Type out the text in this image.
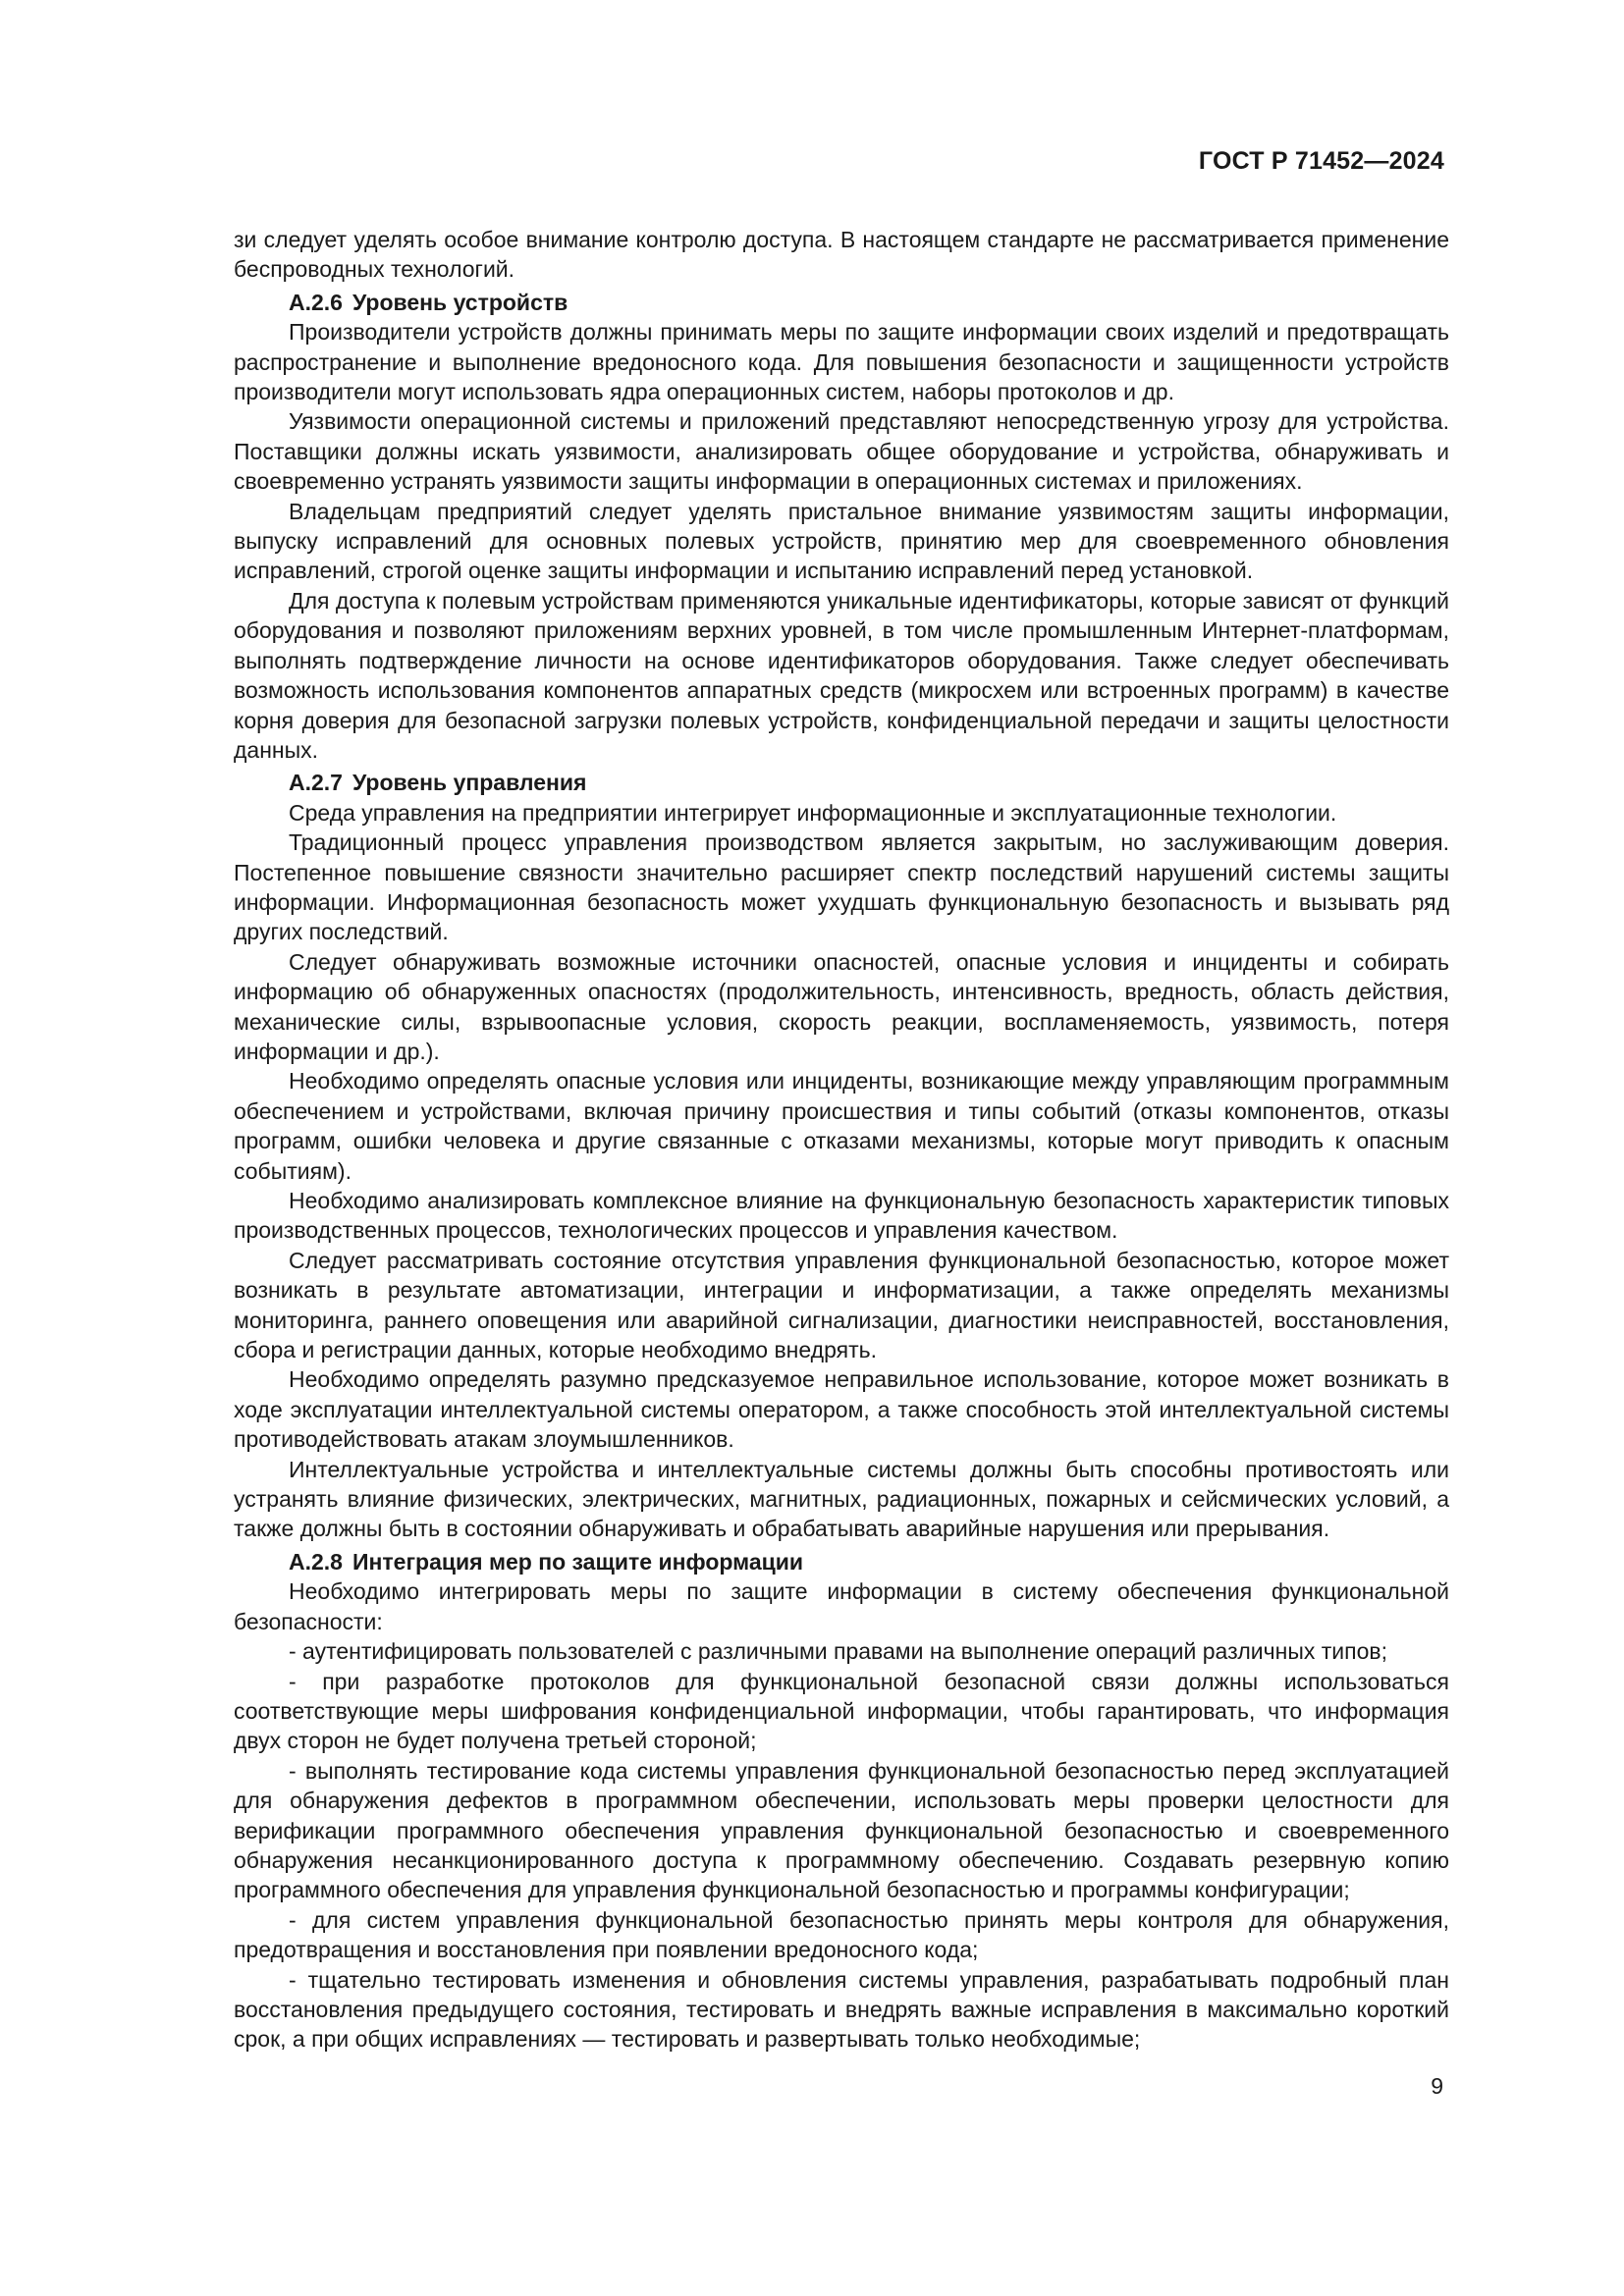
ГОСТ Р 71452—2024

зи следует уделять особое внимание контролю доступа. В настоящем стандарте не рассматривается применение беспроводных технологий.

А.2.6 Уровень устройств

Производители устройств должны принимать меры по защите информации своих изделий и предотвращать распространение и выполнение вредоносного кода. Для повышения безопасности и защищенности устройств производители могут использовать ядра операционных систем, наборы протоколов и др.

Уязвимости операционной системы и приложений представляют непосредственную угрозу для устройства. Поставщики должны искать уязвимости, анализировать общее оборудование и устройства, обнаруживать и своевременно устранять уязвимости защиты информации в операционных системах и приложениях.

Владельцам предприятий следует уделять пристальное внимание уязвимостям защиты информации, выпуску исправлений для основных полевых устройств, принятию мер для своевременного обновления исправлений, строгой оценке защиты информации и испытанию исправлений перед установкой.

Для доступа к полевым устройствам применяются уникальные идентификаторы, которые зависят от функций оборудования и позволяют приложениям верхних уровней, в том числе промышленным Интернет-платформам, выполнять подтверждение личности на основе идентификаторов оборудования. Также следует обеспечивать возможность использования компонентов аппаратных средств (микросхем или встроенных программ) в качестве корня доверия для безопасной загрузки полевых устройств, конфиденциальной передачи и защиты целостности данных.

А.2.7 Уровень управления

Среда управления на предприятии интегрирует информационные и эксплуатационные технологии.

Традиционный процесс управления производством является закрытым, но заслуживающим доверия. Постепенное повышение связности значительно расширяет спектр последствий нарушений системы защиты информации. Информационная безопасность может ухудшать функциональную безопасность и вызывать ряд других последствий.

Следует обнаруживать возможные источники опасностей, опасные условия и инциденты и собирать информацию об обнаруженных опасностях (продолжительность, интенсивность, вредность, область действия, механические силы, взрывоопасные условия, скорость реакции, воспламеняемость, уязвимость, потеря информации и др.).

Необходимо определять опасные условия или инциденты, возникающие между управляющим программным обеспечением и устройствами, включая причину происшествия и типы событий (отказы компонентов, отказы программ, ошибки человека и другие связанные с отказами механизмы, которые могут приводить к опасным событиям).

Необходимо анализировать комплексное влияние на функциональную безопасность характеристик типовых производственных процессов, технологических процессов и управления качеством.

Следует рассматривать состояние отсутствия управления функциональной безопасностью, которое может возникать в результате автоматизации, интеграции и информатизации, а также определять механизмы мониторинга, раннего оповещения или аварийной сигнализации, диагностики неисправностей, восстановления, сбора и регистрации данных, которые необходимо внедрять.

Необходимо определять разумно предсказуемое неправильное использование, которое может возникать в ходе эксплуатации интеллектуальной системы оператором, а также способность этой интеллектуальной системы противодействовать атакам злоумышленников.

Интеллектуальные устройства и интеллектуальные системы должны быть способны противостоять или устранять влияние физических, электрических, магнитных, радиационных, пожарных и сейсмических условий, а также должны быть в состоянии обнаруживать и обрабатывать аварийные нарушения или прерывания.

А.2.8 Интеграция мер по защите информации

Необходимо интегрировать меры по защите информации в систему обеспечения функциональной безопасности:

- аутентифицировать пользователей с различными правами на выполнение операций различных типов;

- при разработке протоколов для функциональной безопасной связи должны использоваться соответствующие меры шифрования конфиденциальной информации, чтобы гарантировать, что информация двух сторон не будет получена третьей стороной;

- выполнять тестирование кода системы управления функциональной безопасностью перед эксплуатацией для обнаружения дефектов в программном обеспечении, использовать меры проверки целостности для верификации программного обеспечения управления функциональной безопасностью и своевременного обнаружения несанкционированного доступа к программному обеспечению. Создавать резервную копию программного обеспечения для управления функциональной безопасностью и программы конфигурации;

- для систем управления функциональной безопасностью принять меры контроля для обнаружения, предотвращения и восстановления при появлении вредоносного кода;

- тщательно тестировать изменения и обновления системы управления, разрабатывать подробный план восстановления предыдущего состояния, тестировать и внедрять важные исправления в максимально короткий срок, а при общих исправлениях — тестировать и развертывать только необходимые;

9
